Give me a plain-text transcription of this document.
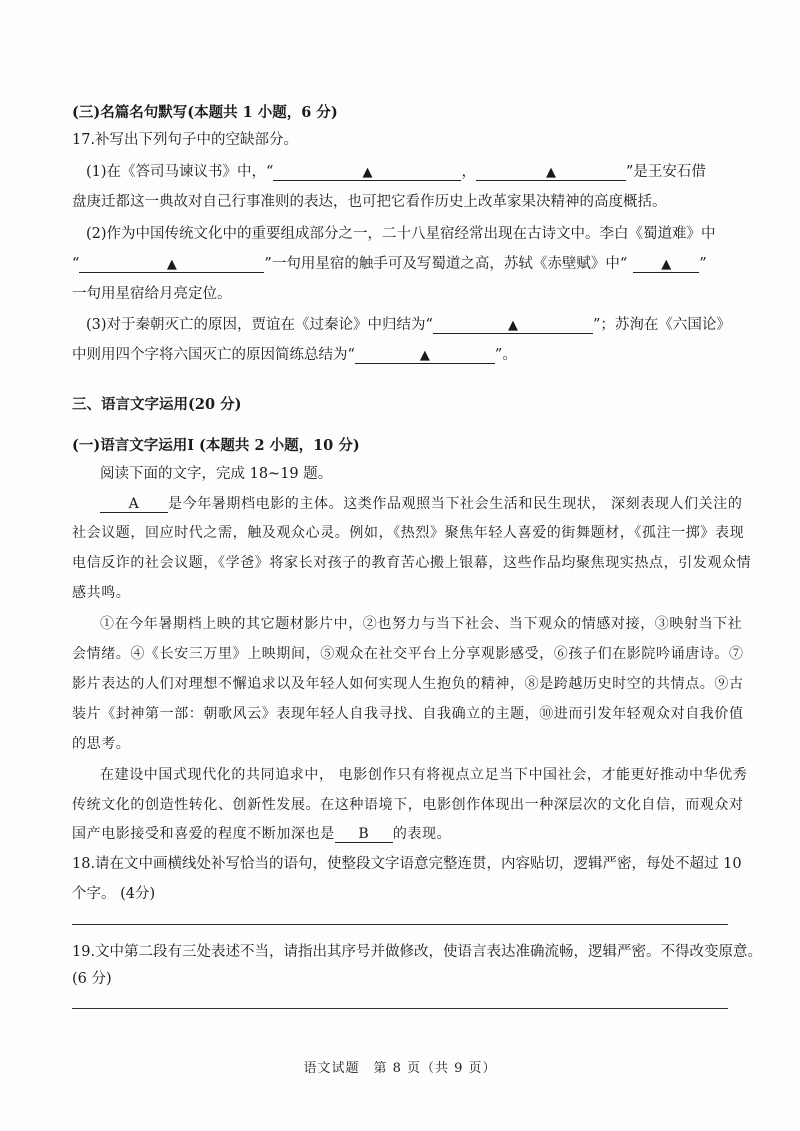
(三)名篇名句默写(本题共 1 小题，6 分)
17.补写出下列句子中的空缺部分。
(1)在《答司马谏议书》中，“	▲	，	▲	”是王安石借
盘庚迁都这一典故对自己行事准则的表达，也可把它看作历史上改革家果决精神的高度概括。
(2)作为中国传统文化中的重要组成部分之一，二十八星宿经常出现在古诗文中。李白《蜀道难》中
“	▲	”一句用星宿的触手可及写蜀道之高，苏轼《赤壁赋》中“	▲ ”
一句用星宿给月亮定位。
(3)对于秦朝灭亡的原因，贾谊在《过秦论》中归结为“	▲	”；苏洵在《六国论》
中则用四个字将六国灭亡的原因简练总结为“	▲	”。
三、语言文字运用(20 分)
(一)语言文字运用Ⅰ (本题共 2 小题，10 分)
阅读下面的文字，完成 18~19 题。
A 是今年暑期档电影的主体。这类作品观照当下社会生活和民生现状， 深刻表现人们关注的
社会议题，回应时代之需，触及观众心灵。例如，《热烈》聚焦年轻人喜爱的街舞题材，《孤注一掷》表现
电信反诈的社会议题，《学爸》将家长对孩子的教育苦心搬上银幕，这些作品均聚焦现实热点，引发观众情
感共鸣。
①在今年暑期档上映的其它题材影片中，②也努力与当下社会、当下观众的情感对接，③映射当下社
会情绪。④《长安三万里》上映期间，⑤观众在社交平台上分享观影感受，⑥孩子们在影院吟诵唐诗。⑦
影片表达的人们对理想不懈追求以及年轻人如何实现人生抱负的精神，⑧是跨越历史时空的共情点。⑨古
装片《封神第一部：朝歌风云》表现年轻人自我寻找、自我确立的主题，⑩进而引发年轻观众对自我价值
的思考。
在建设中国式现代化的共同追求中， 电影创作只有将视点立足当下中国社会，才能更好推动中华优秀
传统文化的创造性转化、创新性发展。在这种语境下，电影创作体现出一种深层次的文化自信，而观众对
国产电影接受和喜爱的程度不断加深也是 B 的表现。
18.请在文中画横线处补写恰当的语句，使整段文字语意完整连贯，内容贴切，逻辑严密，每处不超过 10
个字。 (4分)
19.文中第二段有三处表述不当，请指出其序号并做修改，使语言表达准确流畅，逻辑严密。不得改变原意。
(6 分)
语文试题　第 8 页（共 9 页）
